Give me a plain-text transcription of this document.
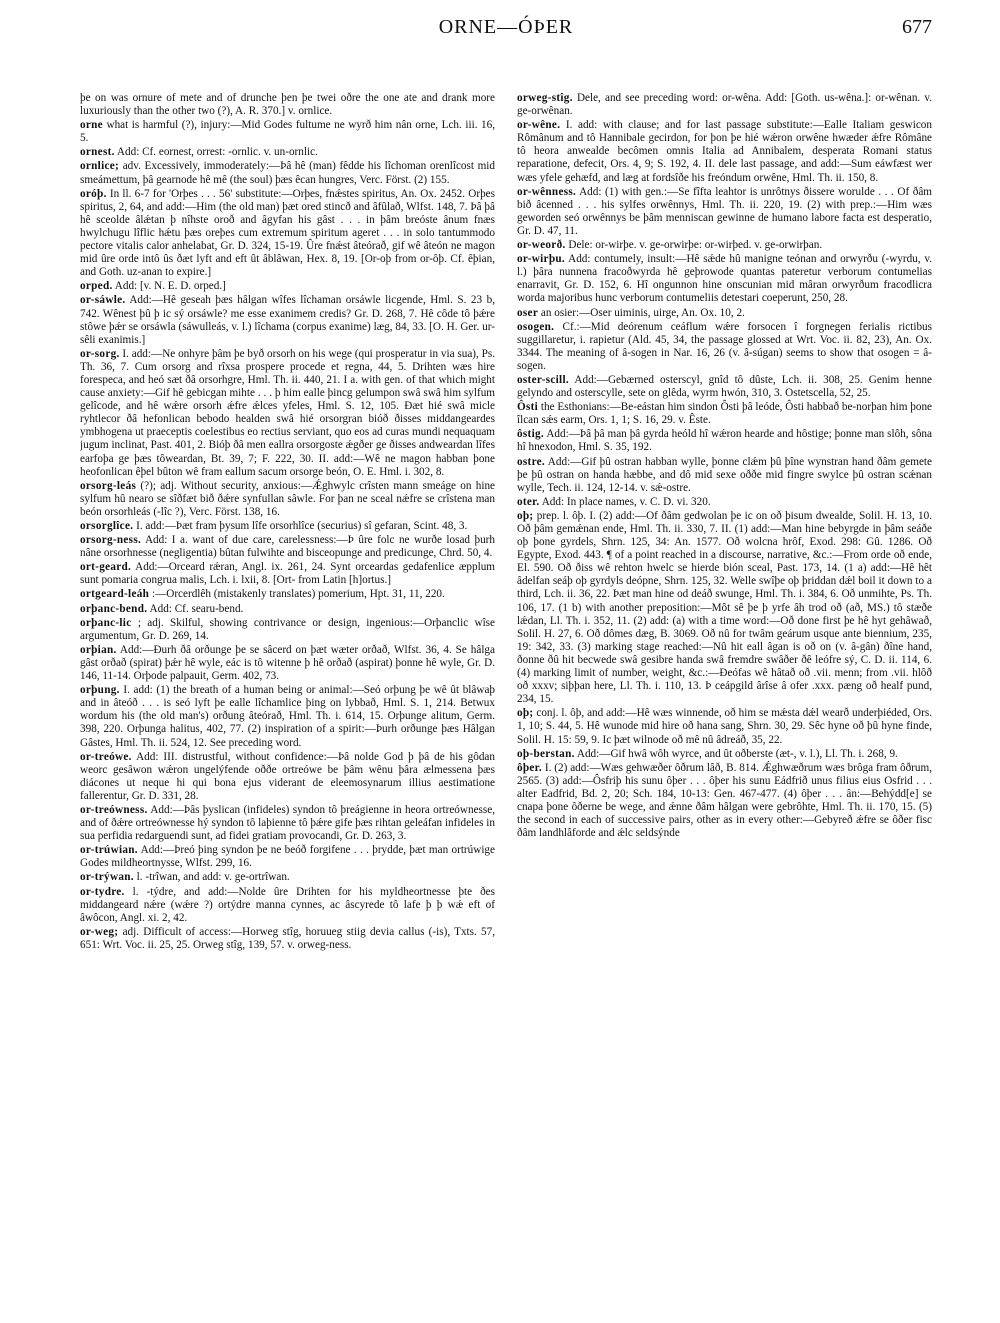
ORNE—ÓÞER	677

þe on was ornure of mete and of drunche þen þe twei oðre the one ate and drank more luxuriously than the other two (?), A. R. 370.] v. ornlice.

orne what is harmful (?), injury:—Mid Godes fultume ne wyrð him nân orne, Lch. iii. 16, 5.

ornest. Add: Cf. eornest, orrest: -ornlic. v. un-ornlic.

ornlice; adv. Excessively, immoderately:—Þâ hê (man) fêdde his lîchoman orenlîcost mid smeámettum, þâ gearnode hê mê (the soul) þæs êcan hungres, Verc. Först. (2) 155.

oróþ. In ll. 6-7 for 'Orþes . . . 56' substitute:—Orþes, fnǽstes spiritus, An. Ox. 2452. Orþes spiritus, 2, 64, and add:—Him (the old man) þæt ored stincð and âfûlað, Wlfst. 148, 7. Þâ þâ hê sceolde âlǽtan þ nîhste oroð and âgyfan his gâst . . . in þâm breóste ânum fnæs hwylchugu lîflic hǽtu þæs oreþes cum extremum spiritum ageret . . . in solo tantummodo pectore vitalis calor anhelabat, Gr. D. 324, 15-19. Ûre fnǽst âteórað, gif wê âteón ne magon mid ûre orde intô ûs ðæt lyft and eft ût âblâwan, Hex. 8, 19. [Or-oþ from or-ôþ. Cf. êþian, and Goth. uz-anan to expire.]

orped. Add: [v. N. E. D. orped.]

or-sáwle. Add:—Hê geseah þæs hâlgan wîfes lîchaman orsáwle licgende, Hml. S. 23 b, 742. Wênest þû þ ic sý orsáwle? me esse exanimem credis? Gr. D. 268, 7. Hê côde tô þǽre stôwe þǽr se orsáwla (sáwulleás, v. l.) lîchama (corpus exanime) læg, 84, 33. [O. H. Ger. ur-sêli exanimis.]

or-sorg. I. add:—Ne onhyre þâm þe byð orsorh on his wege (qui prosperatur in via sua), Ps. Th. 36, 7. Cum orsorg and rîxsa prospere procede et regna, 44, 5. Drihten wæs hire forespeca, and heó sæt ðâ orsorhgre, Hml. Th. ii. 440, 21. I a. with gen. of that which might cause anxiety:—Gif hê gebicgan mihte . . . þ him ealle þincg gelumpon swâ swâ him sylfum gelîcode, and hê wǽre orsorh ǽfre ǽlces yfeles, Hml. S. 12, 105. Ðæt hié swâ micle ryhtlecor ðâ hefonlican bebodo healden swâ hié orsorgran bióð ðisses middangeardes ymbhogena ut praeceptis coelestibus eo rectius serviant, quo eos ad curas mundi nequaquam jugum inclinat, Past. 401, 2. Bióþ ðâ men eallra orsorgoste ǽgðer ge ðisses andweardan lîfes earfoþa ge þæs tôweardan, Bt. 39, 7; F. 222, 30. II. add:—Wê ne magon habban þone heofonlican êþel bûton wê fram eallum sacum orsorge beón, O. E. Hml. i. 302, 8.

orsorg-leás (?); adj. Without security, anxious:—Ǽghwylc crîsten mann smeáge on hine sylfum hû nearo se sîðfæt bið ðǽre synfullan sâwle. For þan ne sceal nǽfre se crîstena man beón orsorhleás (-lîc ?), Verc. Först. 138, 16.

orsorglîce. I. add:—Þæt fram þysum lîfe orsorhlîce (securius) sî gefaran, Scint. 48, 3.

orsorg-ness. Add: I a. want of due care, carelessness:—Þ ûre folc ne wurðe losad þurh nâne orsorhnesse (negligentia) bûtan fulwihte and bisceopunge and predicunge, Chrd. 50, 4.

ort-geard. Add:—Orceard rǽran, Angl. ix. 261, 24. Synt orceardas gedafenlice æpplum sunt pomaria congrua malis, Lch. i. lxii, 8. [Ort- from Latin [h]ortus.]

ortgeard-leáh :—Orcerdlêh (mistakenly translates) pomerium, Hpt. 31, 11, 220.

orþanc-bend. Add: Cf. searu-bend.

orþanc-lic ; adj. Skilful, showing contrivance or design, ingenious:—Orþanclic wîse argumentum, Gr. D. 269, 14.

orþian. Add:—Ðurh ðâ orðunge þe se sâcerd on þæt wæter orðað, Wlfst. 36, 4. Se hâlga gâst orðað (spirat) þǽr hê wyle, eác is tô witenne þ hê orðað (aspirat) þonne hê wyle, Gr. D. 146, 11-14. Orþode palpauit, Germ. 402, 73.

orþung. I. add: (1) the breath of a human being or animal:—Seó orþung þe wê ût blâwaþ and in âteóð . . . is seó lyft þe ealle lîchamlice þing on lybbað, Hml. S. 1, 214. Betwux wordum his (the old man's) orðung âteórað, Hml. Th. i. 614, 15. Orþunge alitum, Germ. 398, 220. Orþunga halitus, 402, 77. (2) inspiration of a spirit:—Þurh orðunge þæs Hâlgan Gâstes, Hml. Th. ii. 524, 12. See preceding word.

or-treówe. Add: III. distrustful, without confidence:—Þâ nolde God þ þâ de his gôdan weorc gesâwon wǽron ungelýfende oððe ortreówe be þâm wênu þâra ælmessena þæs diácones ut neque hi qui bona ejus viderant de eleemosynarum illius aestimatione fallerentur, Gr. D. 331, 28.

or-treówness. Add:—Þâs þyslican (infideles) syndon tô þreágienne in heora ortreównesse, and of ðǽre ortreównesse hý syndon tô laþienne tô þǽre gife þæs rihtan geleáfan infideles in sua perfidia redarguendi sunt, ad fidei gratiam provocandi, Gr. D. 263, 3.

or-trúwian. Add:—Þreó þing syndon þe ne beóð forgifene . . . þrydde, þæt man ortrúwige Godes mildheortnysse, Wlfst. 299, 16.

or-trýwan. l. -trîwan, and add: v. ge-ortrîwan.

or-tydre. l. -týdre, and add:—Nolde ûre Drihten for his myldheortnesse þte ðes middangeard nǽre (wǽre ?) ortýdre manna cynnes, ac âscyrede tô lafe þ þ wǽ eft of âwôcon, Angl. xi. 2, 42.

or-weg; adj. Difficult of access:—Horweg stîg, horuueg stiig devia callus (-is), Txts. 57, 651: Wrt. Voc. ii. 25, 25. Orweg stîg, 139, 57. v. orweg-ness.

orweg-stîg. Dele, and see preceding word: or-wêna. Add: [Goth. us-wêna.]: or-wênan. v. ge-orwênan.

or-wêne. I. add: with clause; and for last passage substitute:—Ealle Italiam geswicon Rômânum and tô Hannibale gecirdon, for þon þe hié wǽron orwêne hwæder ǽfre Rômâne tô heora anwealde becômen omnis Italia ad Annibalem, desperata Romani status reparatione, defecit, Ors. 4, 9; S. 192, 4. II. dele last passage, and add:—Sum eáwfæst wer wæs yfele gehæfd, and læg at fordsîðe his freóndum orwêne, Hml. Th. ii. 150, 8.

or-wênness. Add: (1) with gen.:—Se fîfta leahtor is unrôtnys ðissere woruldе . . . Of ðâm bið âcenned . . . his sylfes orwênnys, Hml. Th. ii. 220, 19. (2) with prep.:—Him wæs geworden seó orwênnys be þâm menniscan gewinne de humano labore facta est desperatio, Gr. D. 47, 11.

or-weorð. Dele: or-wirþe. v. ge-orwirþe: or-wirþed. v. ge-orwirþan.

or-wirþu. Add: contumely, insult:—Hê sǽde hû manigne teónan and orwyrðu (-wyrdu, v. l.) þâra nunnena fracoðwyrda hê geþrowode quantas pateretur verborum contumelias enarravit, Gr. D. 152, 6. Hî ongunnon hine onscunian mid mâran orwyrðum fracodlicra worda majoribus hunc verborum contumeliis detestari coeperunt, 250, 28.

oser an osier:—Oser uiminis, uirge, An. Ox. 10, 2.

osogen. Cf.:—Mid deórenum ceáflum wǽre forsocen î forgnegen ferialis rictibus suggillaretur, i. rapietur (Ald. 45, 34, the passage glossed at Wrt. Voc. ii. 82, 23), An. Ox. 3344. The meaning of â-sogen in Nar. 16, 26 (v. â-súgan) seems to show that osogen = â-sogen.

oster-scill. Add:—Gebærned osterscyl, gnîd tô dûste, Lch. ii. 308, 25. Genim henne gelyndo and osterscylle, sete on glêda, wyrm hwón, 310, 3. Ostetscella, 52, 25.

Ôsti the Esthonians:—Be-eástan him sindon Ôsti þâ leóde, Ôsti habbað be-norþan him þone îlcan sǽs earm, Ors. 1, 1; S. 16, 29. v. Êste.

ôstig. Add:—Þâ þâ man þâ gyrda heóld hî wǽron hearde and hôstige; þonne man slôh, sôna hî hnexodon, Hml. S. 35, 192.

ostre. Add:—Gif þû ostran habban wylle, þonne clǽm þû þîne wynstran hand ðâm gemete þe þû ostran on handa hæbbe, and dô mid sexe oððe mid fingre swylce þû ostran scǽnan wylle, Tech. ii. 124, 12-14. v. sǽ-ostre.

oter. Add: In place names, v. C. D. vi. 320.

oþ; prep. l. ôþ. I. (2) add:—Of ðâm gedwolan þe ic on oð þisum dwealde, Solil. H. 13, 10. Oð þâm gemǽnan ende, Hml. Th. ii. 330, 7. II. (1) add:—Man hine bebyrgde in þâm seáðe oþ þone gyrdels, Shrn. 125, 34: An. 1577. Oð wolcna hrôf, Exod. 298: Gû. 1286. Oð Egypte, Exod. 443. ¶ of a point reached in a discourse, narrative, &c.:—From orde oð ende, El. 590. Oð ðiss wê rehton hwelc se hierde bión sceal, Past. 173, 14. (1 a) add:—Hê hêt âdelfan seáþ oþ gyrdyls deópne, Shrn. 125, 32. Welle swîþe oþ þriddan dǽl boil it down to a third, Lch. ii. 36, 22. Þæt man hine od deáð swunge, Hml. Th. i. 384, 6. Oð unmihte, Ps. Th. 106, 17. (1 b) with another preposition:—Môt sê þe þ yrfe âh trod oð (að, MS.) tô stæðe lǽdan, Ll. Th. i. 352, 11. (2) add: (a) with a time word:—Oð done first þe hê hyt gehâwað, Solil. H. 27, 6. Oð dômes dæg, B. 3069. Oð nû for twâm geárum usque ante biennium, 235, 19: 342, 33. (3) marking stage reached:—Nû hit eall âgan is oð on (v. â-gân) ðîne hand, ðonne ðû hit becwede swâ gesibre handa swâ fremdre swâðer ðê leófre sý, C. D. ii. 114, 6. (4) marking limit of number, weight, &c.:—Ðeófas wê hâtað oð .vii. menn; from .vii. hlôð oð xxxv; siþþan here, Ll. Th. i. 110, 13. Þ ceápgild ârîse â ofer .xxx. pæng oð healf pund, 234, 15.

oþ; conj. l. ôþ, and add:—Hê wæs winnende, oð him se mǽsta dǽl wearð underþiéded, Ors. 1, 10; S. 44, 5. Hê wunode mid hire oð hana sang, Shrn. 30, 29. Sêc hyne oð þû hyne finde, Solil. H. 15: 59, 9. Ic þæt wilnode oð mê nû âdreáð, 35, 22.

oþ-berstan. Add:—Gif hwâ wôh wyrce, and ût oðberste (æt-, v. l.), Ll. Th. i. 268, 9.

ôþer. I. (2) add:—Wæs gehwæðer ôðrum lâð, B. 814. Ǽghwæðrum wæs brôga fram ôðrum, 2565. (3) add:—Ôsfriþ his sunu ôþer . . . ôþer his sunu Eádfrið unus filius eius Osfrid . . . alter Eadfrid, Bd. 2, 20; Sch. 184, 10-13: Gen. 467-477. (4) ôþer . . . ân:—Behýdd[e] se cnapa þone ôðerne be wege, and ǽnne ðâm hâlgan were gebrôhte, Hml. Th. ii. 170, 15. (5) the second in each of successive pairs, other as in every other:—Gebyreð ǽfre se ôðer fisc ðâm landhlâforde and ǽlc seldsýnde
